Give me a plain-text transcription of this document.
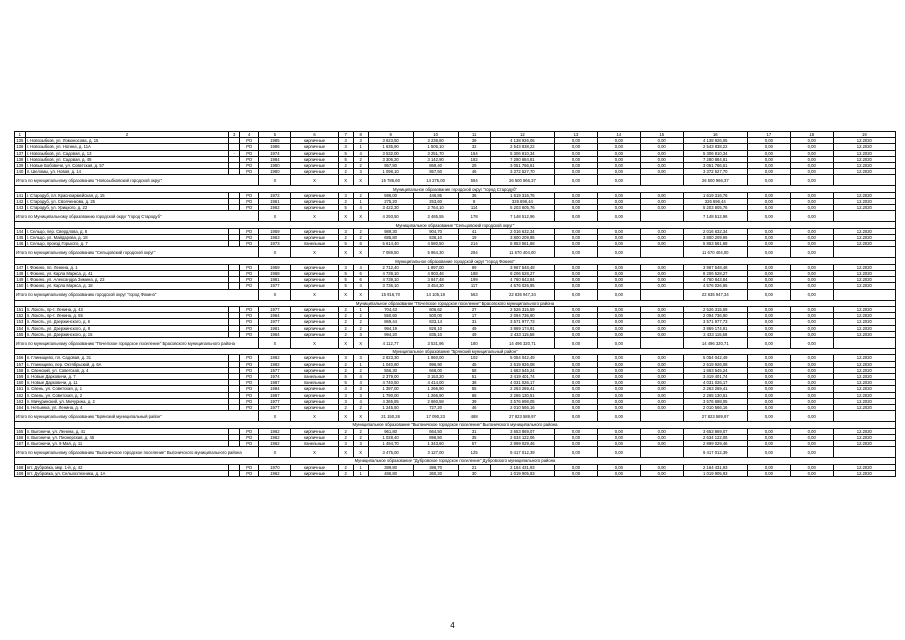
1	2	3	4	5	6	7	8	9	10	11	12	13	14	15	16	17	18	19
135	г. Новозыбков, ул. Ломоносова, д. 15		РО	1985	кирпичные	3	3	3 623,50	3 238,80	39	4 138 926,05	0,00	0,00	0,00	4 138 926,05	0,00	0,00	12.2020
136	г. Новозыбков, ул. Ногина, д. 11А		РО	1986	кирпичные	3	1	1 635,90	1 506,10	32	2 543 838,22	0,00	0,00	0,00	2 543 838,22	0,00	0,00	12.2020
137	г. Новозыбков, ул. Садовая, д. 13	-	РО	1974	кирпичные	5	4	3 532,00	3 251,70	154	5 306 810,34	0,00	0,00	0,00	5 306 810,34	0,00	0,00	12.2020
138	г. Новозыбков, ул. Садовая, д. 48		РО	1984	кирпичные	5	2	3 306,20	3 142,90	182	7 280 884,81	0,00	0,00	0,00	7 280 884,81	0,00	0,00	12.2020
139	г. Новые Бобовичи, ул. Советская, д. 57		РО	1980	кирпичные	2	2	957,80	869,40	29	3 051 766,61	0,00	0,00	0,00	3 051 766,61	0,00	0,00	12.2020
140	п. Шеломы, ул. Новая, д. 14		РО	1980	кирпичные	2	3	1 098,10	957,50	46	3 372 527,70	0,00	0,00	0,00	3 372 527,70	0,00	0,00	12.2020
Итого по муниципальному образованию "Новозыбковский городской округ"				X	X	X	X	15 786,60	14 275,00	594	26 500 966,37	0,00	0,00		26 500 966,37	0,00	0,00	
Муниципальное образование городской округ "город Стародуб"																		
141	г. Стародуб, пл. Красноармейская, д. 15		РО	1972	кирпичные	3	2	596,00	446,85	36	1 619 316,76	0,00	0,00	0,00	1 619 316,76	0,00	0,00	12.2020
142	г. Стародуб, ул. Свояченкова, д. 25		РО	1961	кирпичные	2	1	275,20	253,60	8	326 696,44	0,00	0,00	0,00	326 696,44	0,00	0,00	12.2020
143	г. Стародуб, ул. Урицкого, д. 22		РО	1962	кирпичные	5	4	3 422,30	2 764,10	114	5 203 605,76	0,00	0,00	0,00	5 203 605,76	0,00	0,00	12.2020
Итого по Муниципальному образованию городской округ "город Стародуб"				X	X	X	X	4 293,50	3 465,55	178	7 148 512,96	0,00	0,00		7 148 512,96	0,00	0,00	
Муниципальное образование "Сельцовский городской округ"																		
144	г. Сельцо, пер. Свердлова, д. 8		РО	1959	кирпичные	3	2	989,30	904,70	41	2 016 632,34	0,00	0,00	0,00	2 016 632,34	0,00	0,00	12.2020
145	г. Сельцо, ул. Майдарова, д. 18		РО	1963	кирпичные	2	2	685,80	636,10	19	3 800 209,95	0,00	0,00	0,00	3 800 209,95	0,00	0,00	12.2020
146	г. Сельцо, проезд Горького, д. 7		РО	1973	панельные	5	6	5 614,40	4 580,50	214	5 853 561,68	0,00	0,00	0,00	5 853 561,68	0,00	0,00	12.2020
Итого по муниципальному образованию "Сельцовский городской округ"				X	X	X	X	7 089,50	5 964,30	294	11 670 404,00	0,00	0,00		11 670 404,00	0,00	0,00	
Муниципальное образование городской округ "город Фокино"																		
147	г. Фокино, пл. Ленина, д. 1		РО	1959	кирпичные	3	4	2 712,40	1 897,00	89	3 967 548,48	0,00	0,00	0,00	3 967 548,48	0,00	0,00	12.2020
148	г. Фокино, ул. Карла Маркса, д. 41		РО	1968	кирпичные	5	6	4 739,10	4 903,46	188	8 206 528,27	0,00	0,00	0,00	8 206 528,27	0,00	0,00	12.2020
149	г. Фокино, ул. Александра Зимина, д. 23		РО	1981	кирпичные	5	6	4 739,10	3 847,48	199	4 760 843,84	0,00	0,00	0,00	4 760 843,84	0,00	0,00	12.2020
150	г. Фокино, ул. Карла Маркса, д. 18		РО	1977	кирпичные	5	4	3 736,10	3 454,30	117	4 576 026,95	0,00	0,00	0,00	4 576 026,95	0,00	0,00	12.2020
Итого по муниципальному образованию городской округ "город Фокино"				X	X	X	X	15 916,70	14 105,18	563	22 635 947,34	0,00	0,00		22 635 947,34	0,00	0,00	
Муниципальное образование "Почепское городское поселение" Брасовского муниципального района																		
151	п. Локоть, пр-т. Ленина, д. 43		РО	1977	кирпичные	2	1	704,43	606,62	27	2 526 315,59	0,00	0,00	0,00	2 526 315,59	0,00	0,00	12.2020
152	п. Локоть, пр-т. Ленина, д. 55		РО	1964	кирпичные	2	2	550,60	500,00	17	2 094 736,90	0,00	0,00	0,00	2 094 736,90	0,00	0,00	12.2020
153	п. Локоть, ул. Дзержинского, д. 6		РО	1977	кирпичные	2	2	869,44	833,14	31	3 571 977,73	0,00	0,00	0,00	3 571 977,73	0,00	0,00	12.2020
154	п. Локоть, ул. Дзержинского, д. 8		РО	1981	кирпичные	2	2	994,19	826,10	49	3 869 174,91	0,00	0,00	0,00	3 869 174,91	0,00	0,00	12.2020
155	п. Локоть, ул. Дзержинского, д. 15		РО	1964	кирпичные	2	3	994,20	835,10	49	2 433 115,58	0,00	0,00	0,00	2 433 115,58	0,00	0,00	12.2020
Итого по муниципальному образованию "Почепское городское поселение" Брасовского муниципального района				X	X	X	X	4 112,77	3 531,96	180	14 496 320,71	0,00	0,00		14 496 320,71	0,00	0,00	
Муниципальное образование "Брянский муниципальный район"																		
156	п. Глинищево, пл. Садовая, д. 31		РО	1982	кирпичные	3	3	2 823,30	1 860,00	102	5 054 042,49	0,00	0,00	0,00	5 054 042,49	0,00	0,00	12.2020
157	с. Глинищево, пер. Октябрьский, д. 6А		РО	1982	кирпичные	2	1	1 040,80	996,90	45	2 519 926,08	0,00	0,00	0,00	2 519 926,08	0,00	0,00	12.2020
158	п. Свенский, ул. Советская, д. 4		РО	1977	кирпичные	2	2	556,30	666,00	58	1 663 545,24	0,00	0,00	0,00	1 663 545,24	0,00	0,00	12.2020
159	п. Новые Дарковичи, д. 7		РО	1974	панельные	5	4	2 379,00	3 153,20	51	3 419 401,74	0,00	0,00	0,00	3 419 401,74	0,00	0,00	12.2020
160	п. Новые Дарковичи, д. 11		РО	1987	панельные	5	4	4 740,50	4 414,00	38	4 031 026,17	0,00	0,00	0,00	4 031 026,17	0,00	0,00	12.2020
161	п. Свень, ул. Советская, д. 1		РО	1984	кирпичные	3	3	1 397,00	1 266,90	55	2 263 269,41	0,00	0,00	0,00	2 263 269,41	0,00	0,00	12.2020
162	п. Свень, ул. Советская, д. 2		РО	1967	кирпичные	3	3	1 790,00	1 266,90	68	2 265 130,51	0,00	0,00	0,00	2 265 130,51	0,00	0,00	12.2020
163	п. Мичуринский, ул. Мичурина, д. 2		РО	1977	кирпичные	3	4	4 365,85	2 660,58	39	3 576 698,05	0,00	0,00	0,00	3 576 698,05	0,00	0,00	12.2020
164	п. Нетьинка, ул. Ленина, д. 4		РО	1977	кирпичные	2	2	1 245,50	727,20	46	2 010 566,16	0,00	0,00	0,00	2 010 566,16	0,00	0,00	12.2020
Итого по муниципальному образованию "Брянский муниципальный район"				X	X	X	X	21 150,26	17 090,23	488	27 823 589,97	0,00	0,00		27 823 589,97	0,00	0,00	
Муниципальное образование "Выгоничское городское поселение" Выгоничского муниципального района																		
165	п. Выгоничи, ул. Ленина, д. 41		РО	1962	кирпичные	2	2	961,80	664,50	31	3 653 869,07	0,00	0,00	0,00	3 653 869,07	0,00	0,00	12.2020
166	п. Выгоничи, ул. Пионерская, д. 45		РО	1962	кирпичные	2	2	1 028,40	896,50	35	2 634 122,06	0,00	0,00	0,00	2 634 122,06	0,00	0,00	12.2020
167	п. Выгоничи, ул. 9 Мая, д. 11		РО	1962	панельные	3	3	1 494,70	1 343,60	57	2 899 029,46	0,00	0,00	0,00	2 899 029,46	0,00	0,00	12.2020
Итого по муниципальному образованию "Выгоничское городское поселение" Выгоничского муниципального района				X	X	X	X	3 475,00	3 127,00	125	9 417 012,39	0,00	0,00		9 417 012,39	0,00	0,00	
Муниципальное образование "Дубровское городское поселение" Дубровского муниципального района																		
168	пгт. Дубровка, мкр. 1-й, д. 42		РО	1970	кирпичные	2	1	399,80	386,70	21	2 164 431,93	0,00	0,00	0,00	2 164 431,93	0,00	0,00	12.2020
169	пгт. Дубровка, ул. Сельхозтехника, д. 1А		РО	1962	кирпичные	2	1	486,80	360,20	30	1 019 905,93	0,00	0,00	0,00	1 019 905,93	0,00	0,00	12.2020
4
